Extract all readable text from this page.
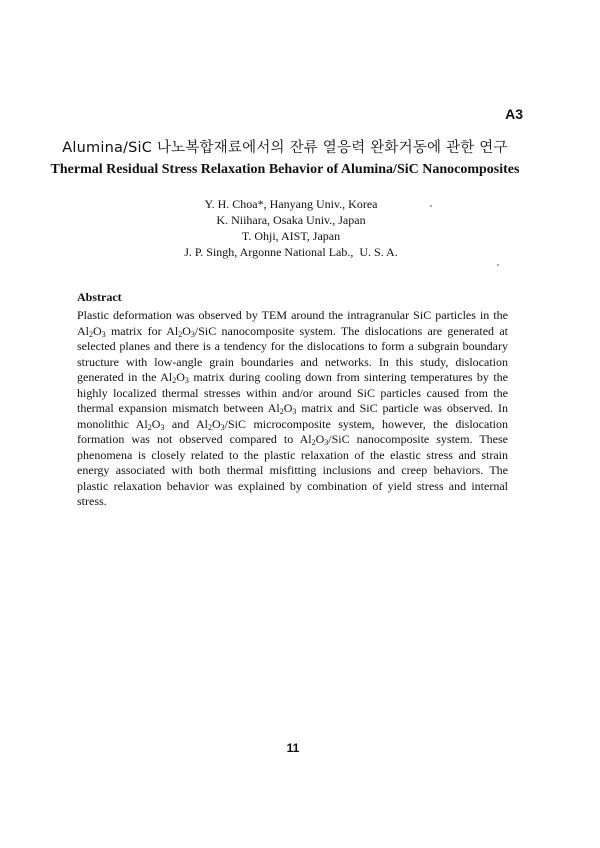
A3
Alumina/SiC 나노복합재료에서의 잔류 열응력 완화거동에 관한 연구
Thermal Residual Stress Relaxation Behavior of Alumina/SiC Nanocomposites
Y. H. Choa*, Hanyang Univ., Korea
K. Niihara, Osaka Univ., Japan
T. Ohji, AIST, Japan
J. P. Singh, Argonne National Lab.,  U. S. A.
Abstract

Plastic deformation was observed by TEM around the intragranular SiC particles in the $Al_2O_3$ matrix for $Al_2O_3$/SiC nanocomposite system. The dislocations are generated at selected planes and there is a tendency for the dislocations to form a subgrain boundary structure with low-angle grain boundaries and networks. In this study, dislocation generated in the $Al_2O_3$ matrix during cooling down from sintering temperatures by the highly localized thermal stresses within and/or around SiC particles caused from the thermal expansion mismatch between $Al_2O_3$ matrix and SiC particle was observed. In monolithic $Al_2O_3$ and $Al_2O_3$/SiC microcomposite system, however, the dislocation formation was not observed compared to $Al_2O_3$/SiC nanocomposite system. These phenomena is closely related to the plastic relaxation of the elastic stress and strain energy associated with both thermal misfitting inclusions and creep behaviors. The plastic relaxation behavior was explained by combination of yield stress and internal stress.

11
